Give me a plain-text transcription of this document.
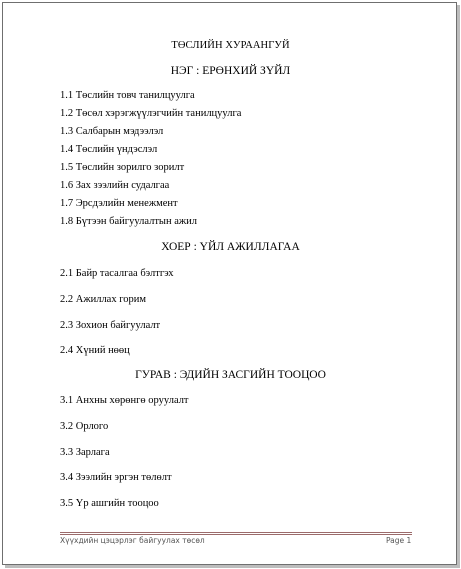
ТӨСЛИЙН ХУРААНГУЙ
НЭГ : ЕРӨНХИЙ ЗҮЙЛ
1.1 Төслийн товч танилцуулга
1.2 Төсөл хэрэгжүүлэгчийн танилцуулга
1.3 Салбарын мэдээлэл
1.4 Төслийн үндэслэл
1.5 Төслийн зорилго зорилт
1.6 Зах зээлийн судалгаа
1.7 Эрсдэлийн менежмент
1.8 Бүтээн байгуулалтын ажил
ХОЕР : ҮЙЛ АЖИЛЛАГАА
2.1 Байр тасалгаа бэлтгэх
2.2 Ажиллах горим
2.3 Зохион байгуулалт
2.4 Хүний нөөц
ГУРАВ : ЭДИЙН ЗАСГИЙН ТООЦОО
3.1 Анхны хөрөнгө оруулалт
3.2 Орлого
3.3 Зарлага
3.4 Зээлийн эргэн төлөлт
3.5 Үр ашгийн тооцоо
Хүүхдийн цэцэрлэг байгуулах төсөл	Page 1
